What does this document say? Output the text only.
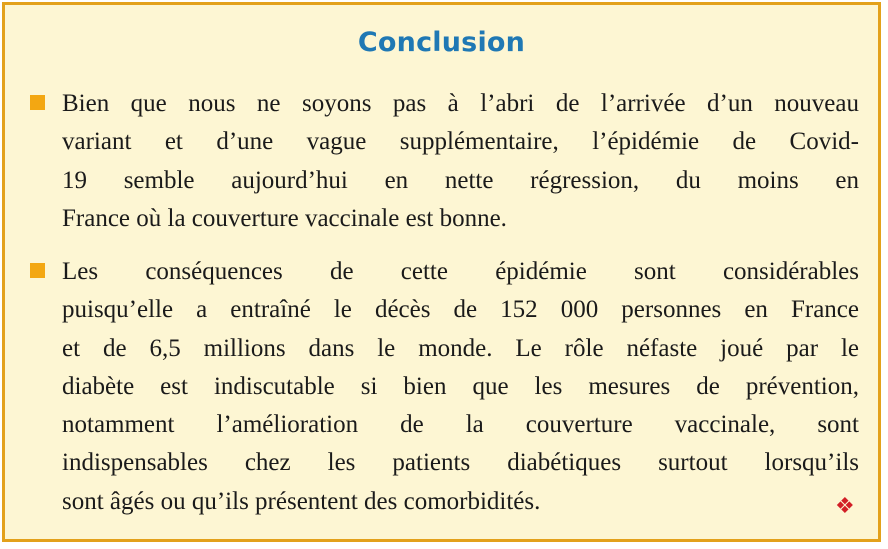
Conclusion
Bien que nous ne soyons pas à l’abri de l’arrivée d’un nouveau
variant et d’une vague supplémentaire, l’épidémie de Covid-
19 semble aujourd’hui en nette régression, du moins en
France où la couverture vaccinale est bonne.
Les conséquences de cette épidémie sont considérables
puisqu’elle a entraîné le décès de 152 000 personnes en France
et de 6,5 millions dans le monde. Le rôle néfaste joué par le
diabète est indiscutable si bien que les mesures de prévention,
notamment l’amélioration de la couverture vaccinale, sont
indispensables chez les patients diabétiques surtout lorsqu’ils
sont âgés ou qu’ils présentent des comorbidités.	❖
